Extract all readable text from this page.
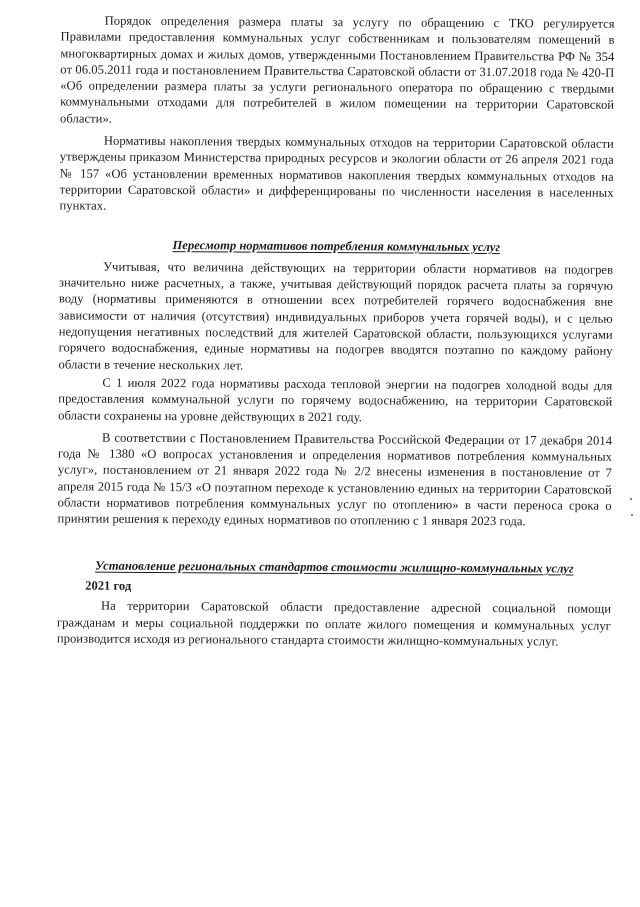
Порядок определения размера платы за услугу по обращению с ТКО регулируется Правилами предоставления коммунальных услуг собственникам и пользователям помещений в многоквартирных домах и жилых домов, утвержденными Постановлением Правительства РФ № 354 от 06.05.2011 года и постановлением Правительства Саратовской области от 31.07.2018 года № 420-П «Об определении размера платы за услуги регионального оператора по обращению с твердыми коммунальными отходами для потребителей в жилом помещении на территории Саратовской области».

Нормативы накопления твердых коммунальных отходов на территории Саратовской области утверждены приказом Министерства природных ресурсов и экологии области от 26 апреля 2021 года № 157 «Об установлении временных нормативов накопления твердых коммунальных отходов на территории Саратовской области» и дифференцированы по численности населения в населенных пунктах.

Пересмотр нормативов потребления коммунальных услуг

Учитывая, что величина действующих на территории области нормативов на подогрев значительно ниже расчетных, а также, учитывая действующий порядок расчета платы за горячую воду (нормативы применяются в отношении всех потребителей горячего водоснабжения вне зависимости от наличия (отсутствия) индивидуальных приборов учета горячей воды), и с целью недопущения негативных последствий для жителей Саратовской области, пользующихся услугами горячего водоснабжения, единые нормативы на подогрев вводятся поэтапно по каждому району области в течение нескольких лет.

С 1 июля 2022 года нормативы расхода тепловой энергии на подогрев холодной воды для предоставления коммунальной услуги по горячему водоснабжению, на территории Саратовской области сохранены на уровне действующих в 2021 году.

В соответствии с Постановлением Правительства Российской Федерации от 17 декабря 2014 года № 1380 «О вопросах установления и определения нормативов потребления коммунальных услуг», постановлением от 21 января 2022 года № 2/2 внесены изменения в постановление от 7 апреля 2015 года № 15/3 «О поэтапном переходе к установлению единых на территории Саратовской области нормативов потребления коммунальных услуг по отоплению» в части переноса срока о принятии решения к переходу единых нормативов по отоплению с 1 января 2023 года.

Установление региональных стандартов стоимости жилищно-коммунальных услуг
2021 год

На территории Саратовской области предоставление адресной социальной помощи гражданам и меры социальной поддержки по оплате жилого помещения и коммунальных услуг производится исходя из регионального стандарта стоимости жилищно-коммунальных услуг.
